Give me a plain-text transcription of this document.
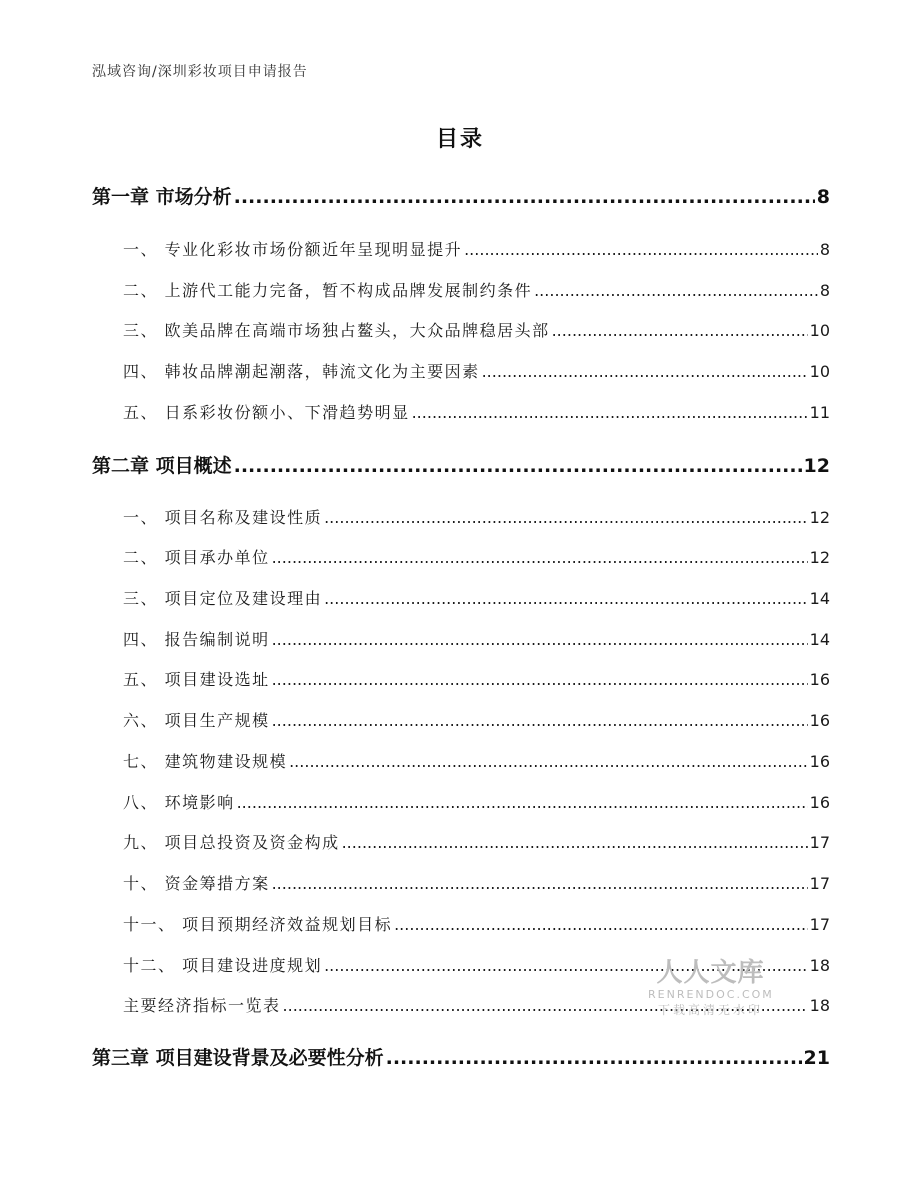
泓域咨询/深圳彩妆项目申请报告
目录
第一章 市场分析 .....	8
一、 专业化彩妆市场份额近年呈现明显提升 .....	8
二、 上游代工能力完备，暂不构成品牌发展制约条件 .....	8
三、 欧美品牌在高端市场独占鳌头，大众品牌稳居头部 .....	10
四、 韩妆品牌潮起潮落，韩流文化为主要因素 .....	10
五、 日系彩妆份额小、下滑趋势明显 .....	11
第二章 项目概述 .....	12
一、 项目名称及建设性质 .....	12
二、 项目承办单位 .....	12
三、 项目定位及建设理由 .....	14
四、 报告编制说明 .....	14
五、 项目建设选址 .....	16
六、 项目生产规模 .....	16
七、 建筑物建设规模 .....	16
八、 环境影响 .....	16
九、 项目总投资及资金构成 .....	17
十、 资金筹措方案 .....	17
十一、 项目预期经济效益规划目标 .....	17
十二、 项目建设进度规划 .....	18
主要经济指标一览表 .....	18
第三章 项目建设背景及必要性分析 .....	21
人人文库
RENRENDOC.COM
下载高清无水印
